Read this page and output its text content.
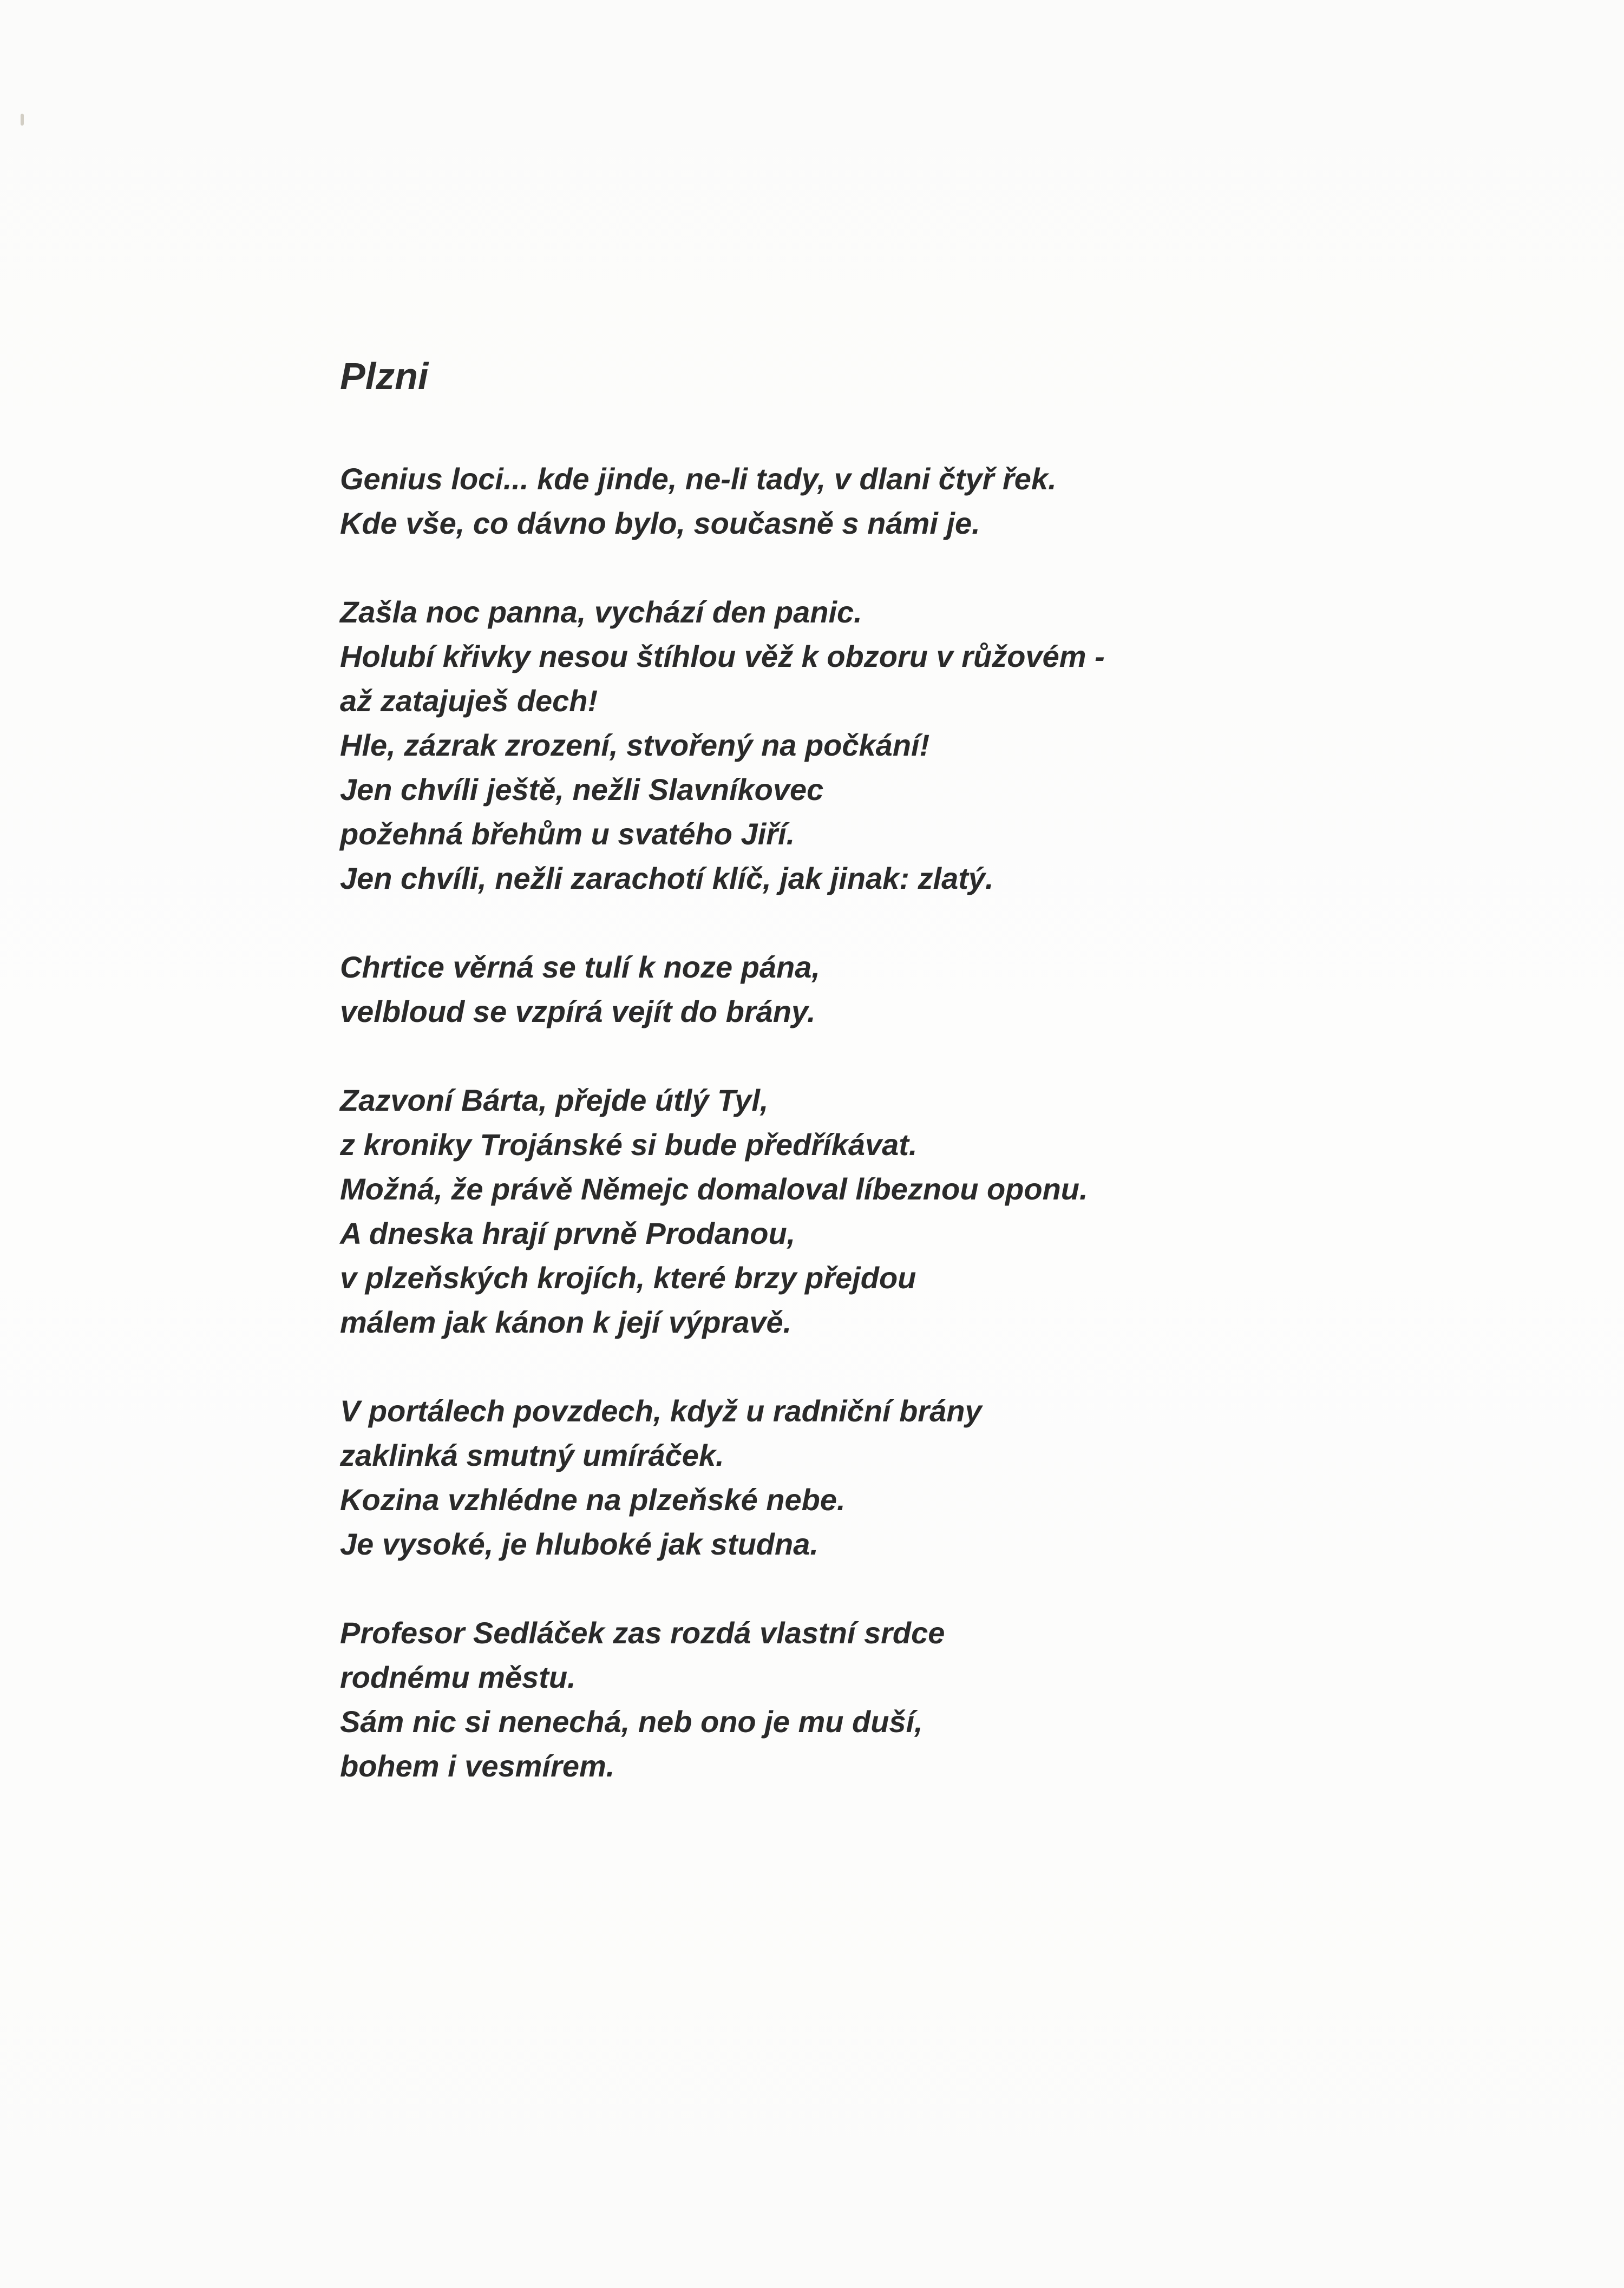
Plzni
Genius loci... kde jinde, ne-li tady, v dlani čtyř řek.
Kde vše, co dávno bylo, současně s námi je.
Zašla noc panna, vychází den panic.
Holubí křivky nesou štíhlou věž k obzoru v růžovém -
až zatajuješ dech!
Hle, zázrak zrození, stvořený na počkání!
Jen chvíli ještě, nežli Slavníkovec
požehná břehům u svatého Jiří.
Jen chvíli, nežli zarachotí klíč, jak jinak: zlatý.
Chrtice věrná se tulí k noze pána,
velbloud se vzpírá vejít do brány.
Zazvoní Bárta, přejde útlý Tyl,
z kroniky Trojánské si bude předříkávat.
Možná, že právě Němejc domaloval líbeznou oponu.
A dneska hrají prvně Prodanou,
v plzeňských krojích, které brzy přejdou
málem jak kánon k její výpravě.
V portálech povzdech, když u radniční brány
zaklinká smutný umíráček.
Kozina vzhlédne na plzeňské nebe.
Je vysoké, je hluboké jak studna.
Profesor Sedláček zas rozdá vlastní srdce
rodnému městu.
Sám nic si nenechá, neb ono je mu duší,
bohem i vesmírem.
